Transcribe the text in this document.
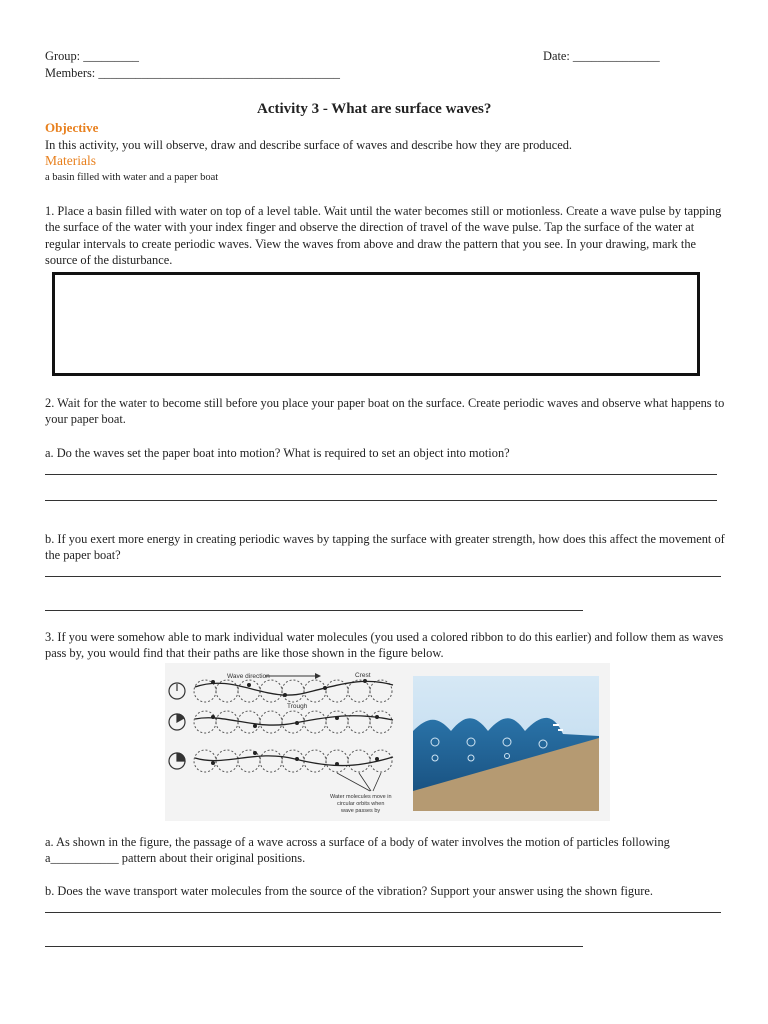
Group: _________	Date: ______________
Members: _______________________________________
Activity 3 - What are surface waves?
Objective
In this activity, you will observe, draw and describe surface of waves and describe how they are produced.
Materials
a basin filled with water and a paper boat
1. Place a basin filled with water on top of a level table. Wait until the water becomes still or motionless. Create a wave pulse by tapping the surface of the water with your index finger and observe the direction of travel of the wave pulse. Tap the surface of the water at regular intervals to create periodic waves. View the waves from above and draw the pattern that you see. In your drawing, mark the source of the disturbance.
2. Wait for the water to become still before you place your paper boat on the surface. Create periodic waves and observe what happens to your paper boat.
a. Do the waves set the paper boat into motion? What is required to set an object into motion?
b. If you exert more energy in creating periodic waves by tapping the surface with greater strength, how does this affect the movement of the paper boat?
3. If you were somehow able to mark individual water molecules (you used a colored ribbon to do this earlier) and follow them as waves pass by, you would find that their paths are like those shown in the figure below.
Wave direction	Crest
Trough
Water molecules move in
circular orbits when
wave passes by
a. As shown in the figure, the passage of a wave across a surface of a body of water involves the motion of particles following a___________ pattern about their original positions.
b. Does the wave transport water molecules from the source of the vibration? Support your answer using the shown figure.
